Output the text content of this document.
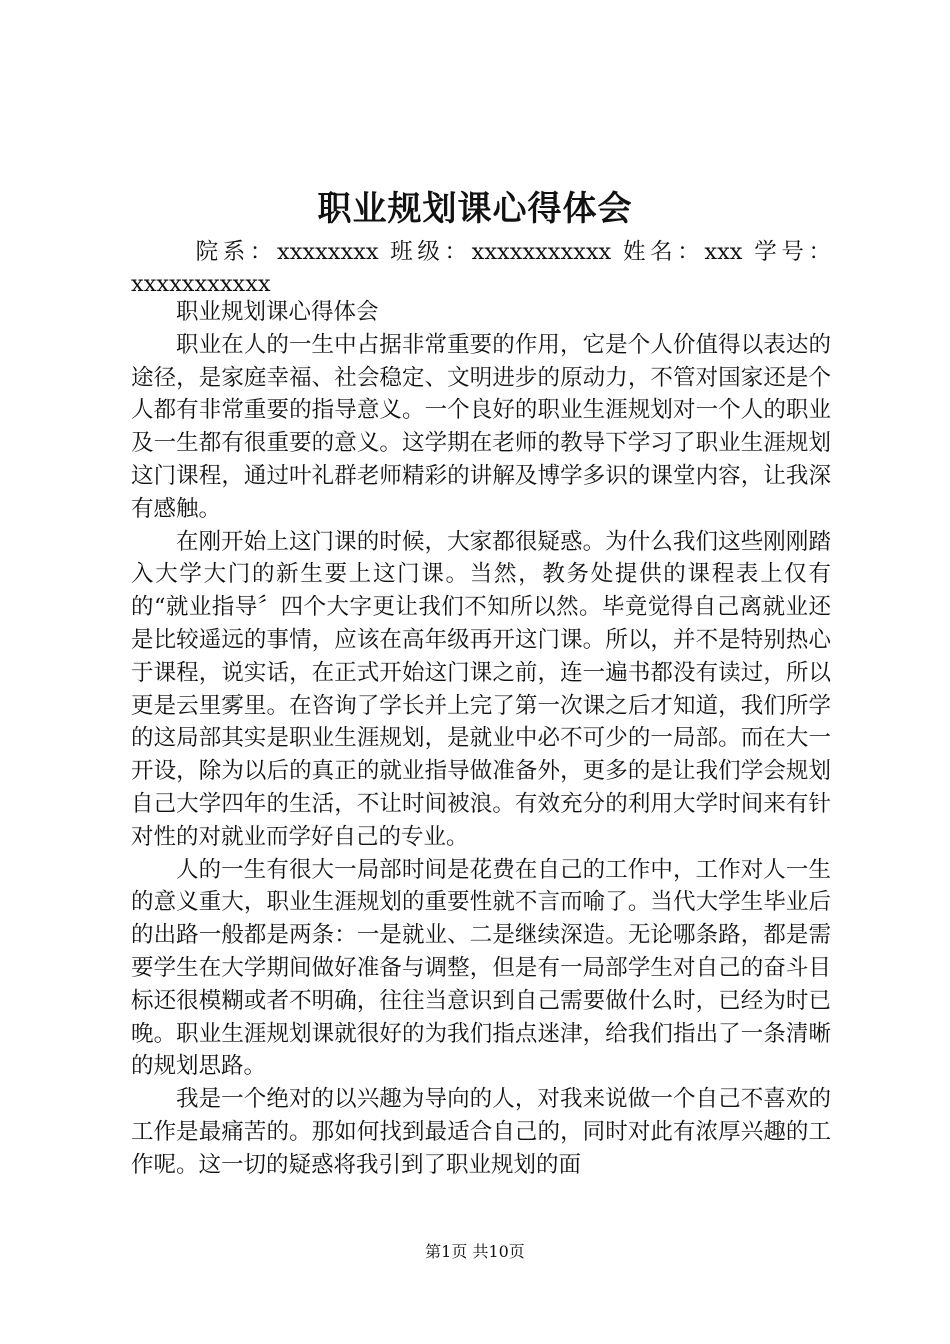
职业规划课心得体会
院系：xxxxxxxx 班级：xxxxxxxxxxx 姓名：xxx 学号：xxxxxxxxxxx

职业规划课心得体会

职业在人的一生中占据非常重要的作用，它是个人价值得以表达的途径，是家庭幸福、社会稳定、文明进步的原动力，不管对国家还是个人都有非常重要的指导意义。一个良好的职业生涯规划对一个人的职业及一生都有很重要的意义。这学期在老师的教导下学习了职业生涯规划这门课程，通过叶礼群老师精彩的讲解及博学多识的课堂内容，让我深有感触。

在刚开始上这门课的时候，大家都很疑惑。为什么我们这些刚刚踏入大学大门的新生要上这门课。当然，教务处提供的课程表上仅有的“就业指导〞四个大字更让我们不知所以然。毕竟觉得自己离就业还是比较遥远的事情，应该在高年级再开这门课。所以，并不是特别热心于课程，说实话，在正式开始这门课之前，连一遍书都没有读过，所以更是云里雾里。在咨询了学长并上完了第一次课之后才知道，我们所学的这局部其实是职业生涯规划，是就业中必不可少的一局部。而在大一开设，除为以后的真正的就业指导做准备外，更多的是让我们学会规划自己大学四年的生活，不让时间被浪。有效充分的利用大学时间来有针对性的对就业而学好自己的专业。

人的一生有很大一局部时间是花费在自己的工作中，工作对人一生的意义重大，职业生涯规划的重要性就不言而喻了。当代大学生毕业后的出路一般都是两条：一是就业、二是继续深造。无论哪条路，都是需要学生在大学期间做好准备与调整，但是有一局部学生对自己的奋斗目标还很模糊或者不明确，往往当意识到自己需要做什么时，已经为时已晚。职业生涯规划课就很好的为我们指点迷津，给我们指出了一条清晰的规划思路。

我是一个绝对的以兴趣为导向的人，对我来说做一个自己不喜欢的工作是最痛苦的。那如何找到最适合自己的，同时对此有浓厚兴趣的工作呢。这一切的疑惑将我引到了职业规划的面

第1页 共10页
